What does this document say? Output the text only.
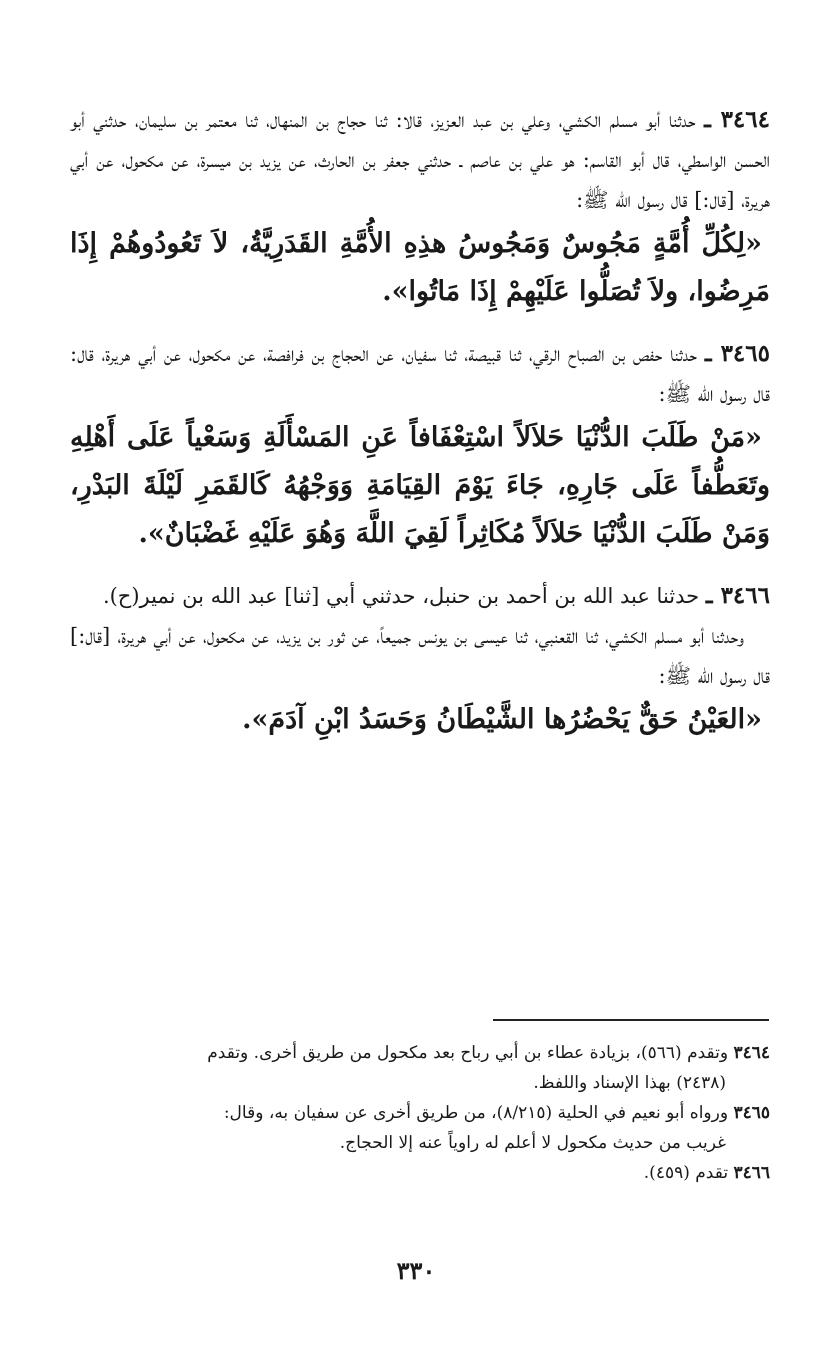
٣٤٦٤ ـ حدثنا أبو مسلم الكشي، وعلي بن عبد العزيز، قالا: ثنا حجاج بن المنهال، ثنا معتمر بن سليمان، حدثني أبو الحسن الواسطي، قال أبو القاسم: هو علي بن عاصم ـ حدثني جعفر بن الحارث، عن يزيد بن ميسرة، عن مكحول، عن أبي هريرة، [قال:] قال رسول الله ﷺ:

«لِكُلِّ أُمَّةٍ مَجُوسٌ وَمَجُوسُ هذِهِ الأُمَّةِ القَدَرِيَّةُ، لاَ تَعُودُوهُمْ إِذَا مَرِضُوا، ولاَ تُصَلُّوا عَلَيْهِمْ إِذَا مَاتُوا».

٣٤٦٥ ـ حدثنا حفص بن الصباح الرقي، ثنا قبيصة، ثنا سفيان، عن الحجاج بن فرافصة، عن مكحول، عن أبي هريرة، قال: قال رسول الله ﷺ:

«مَنْ طَلَبَ الدُّنْيَا حَلاَلاً اسْتِعْفَافاً عَنِ المَسْأَلَةِ وَسَعْياً عَلَى أَهْلِهِ وتَعَطُّفاً عَلَى جَارِهِ، جَاءَ يَوْمَ القِيَامَةِ وَوَجْهُهُ كَالقَمَرِ لَيْلَةَ البَدْرِ، وَمَنْ طَلَبَ الدُّنْيَا حَلاَلاً مُكَاثِراً لَقِيَ اللَّهَ وَهُوَ عَلَيْهِ غَضْبَانٌ».

٣٤٦٦ ـ حدثنا عبد الله بن أحمد بن حنبل، حدثني أبي [ثنا] عبد الله بن نمير(ح).

وحدثنا أبو مسلم الكشي، ثنا القعنبي، ثنا عيسى بن يونس جميعاً، عن ثور بن يزيد، عن مكحول، عن أبي هريرة، [قال:] قال رسول الله ﷺ:

«العَيْنُ حَقٌّ يَحْضُرُها الشَّيْطَانُ وَحَسَدُ ابْنِ آدَمَ».

٣٤٦٤ وتقدم (٥٦٦)، بزيادة عطاء بن أبي رباح بعد مكحول من طريق أخرى. وتقدم
(٢٤٣٨) بهذا الإسناد واللفظ.

٣٤٦٥ ورواه أبو نعيم في الحلية (٨/٢١٥)، من طريق أخرى عن سفيان به، وقال:
غريب من حديث مكحول لا أعلم له راوياً عنه إلا الحجاج.

٣٤٦٦ تقدم (٤٥٩).

٣٣٠
